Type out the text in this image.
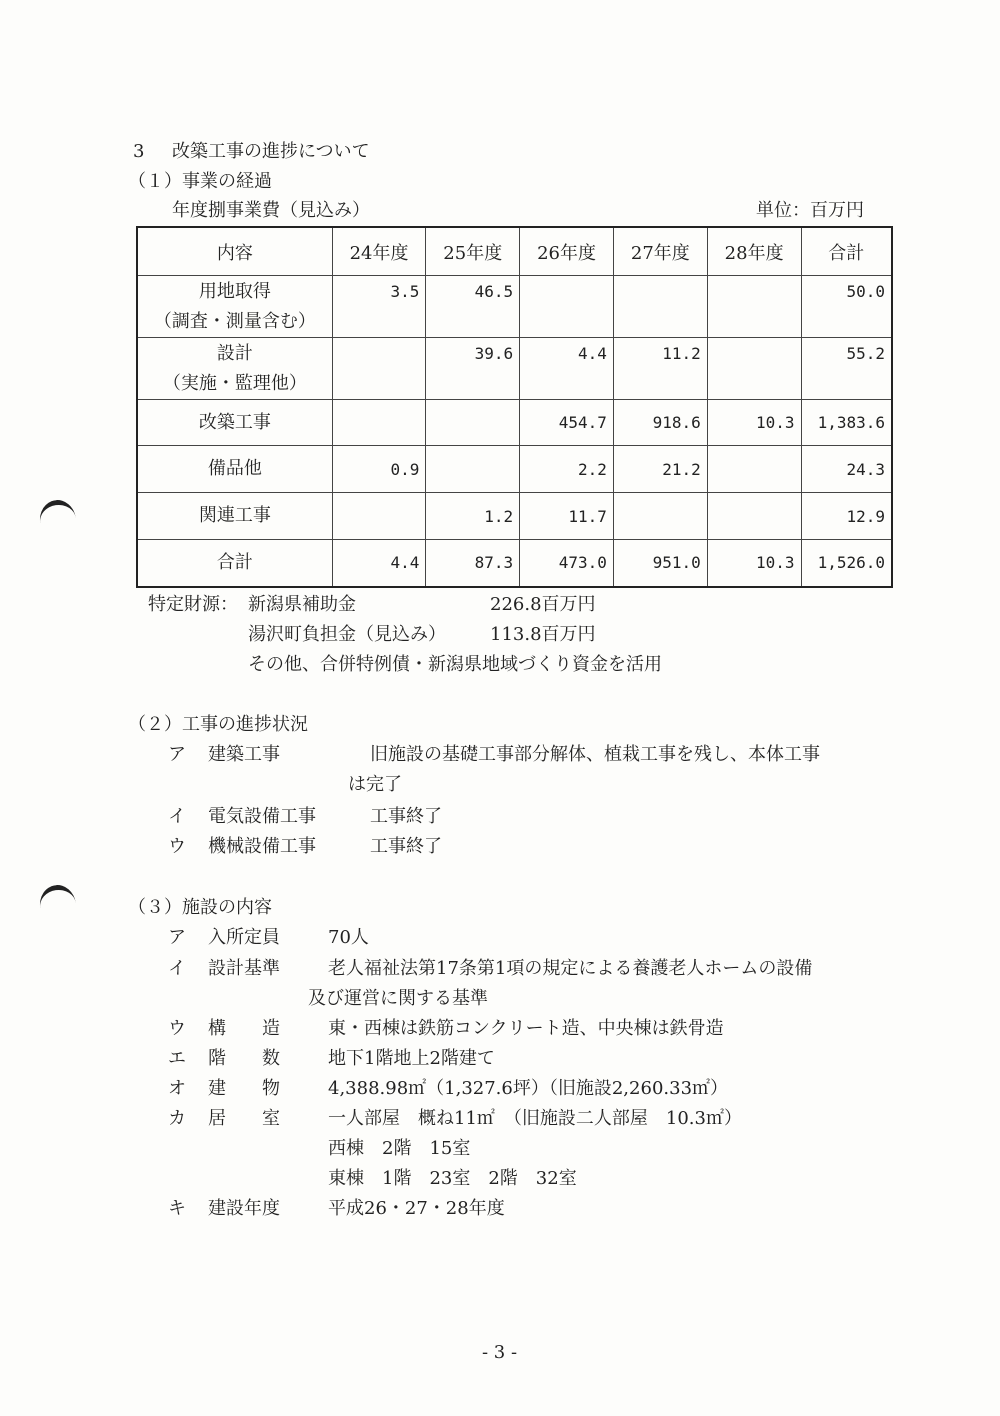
3 改築工事の進捗について
（１）事業の経過
年度捌事業費（見込み）	単位：百万円
内容	24年度	25年度	26年度	27年度	28年度	合計

用地取得
（調査・測量含む）	3.5	46.5				50.0

設計
（実施・監理他）		39.6	4.4	11.2		55.2
改築工事			454.7	918.6	10.3	1,383.6
備品他	0.9		2.2	21.2		24.3
関連工事		1.2	11.7			12.9
合計	4.4	87.3	473.0	951.0	10.3	1,526.0
特定財源： 新潟県補助金	226.8百万円
湯沢町負担金（見込み） 113.8百万円
その他、合併特例債・新潟県地域づくり資金を活用
（２）工事の進捗状況
ア 建築工事	旧施設の基礎工事部分解体、植栽工事を残し、本体工事
は完了
イ 電気設備工事	工事終了
ウ 機械設備工事	工事終了
（３）施設の内容
ア 入所定員	70人
イ 設計基準	老人福祉法第17条第1項の規定による養護老人ホームの設備
及び運営に関する基準
ウ 構　　造	東・西棟は鉄筋コンクリート造、中央棟は鉄骨造
エ 階　　数	地下1階地上2階建て
オ 建　　物	4,388.98㎡（1,327.6坪）（旧施設2,260.33㎡）
カ 居　　室	一人部屋　概ね11㎡　（旧施設二人部屋　10.3㎡）
西棟　2階　15室
東棟　1階　23室　2階　32室
キ 建設年度	平成26・27・28年度
- 3 -
